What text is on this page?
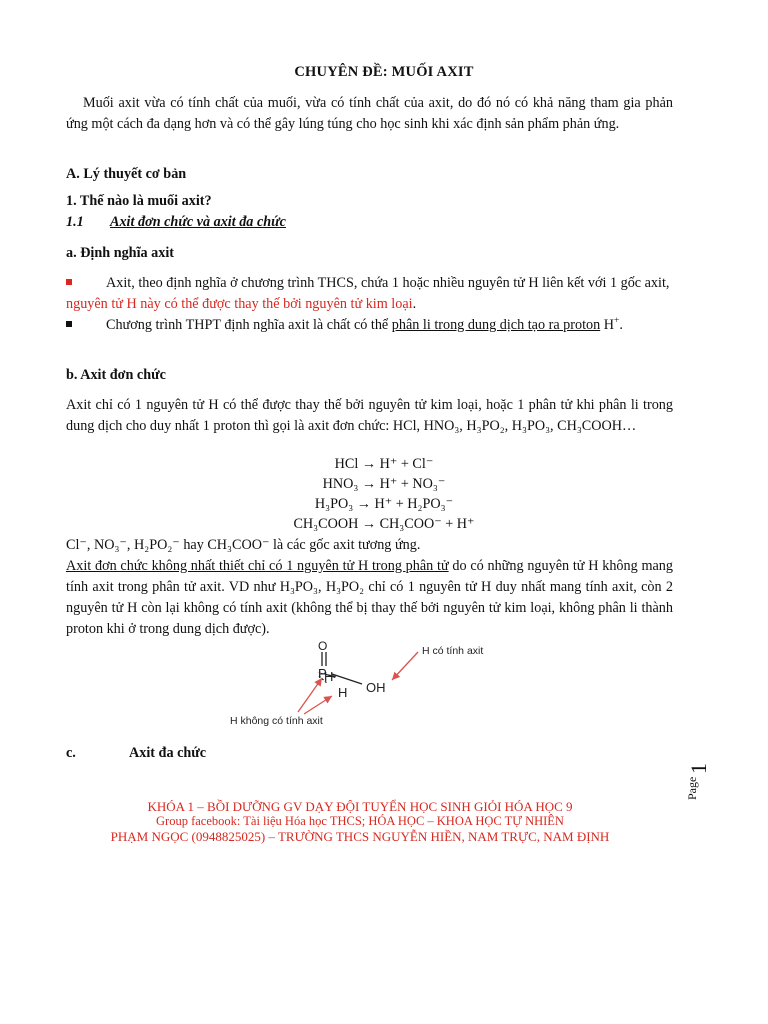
CHUYÊN ĐỀ: MUỐI AXIT
Muối axit vừa có tính chất của muối, vừa có tính chất của axit, do đó nó có khả năng tham gia phản ứng một cách đa dạng hơn và có thể gây lúng túng cho học sinh khi xác định sản phẩm phản ứng.
A. Lý thuyết cơ bản
1. Thế nào là muối axit?
1.1 Axit đơn chức và axit đa chức
a. Định nghĩa axit
Axit, theo định nghĩa ở chương trình THCS, chứa 1 hoặc nhiều nguyên tử H liên kết với 1 gốc axit, nguyên tử H này có thể được thay thế bởi nguyên tử kim loại.
Chương trình THPT định nghĩa axit là chất có thể phân li trong dung dịch tạo ra proton H+.
b. Axit đơn chức
Axit chỉ có 1 nguyên tử H có thể được thay thế bởi nguyên tử kim loại, hoặc 1 phân tử khi phân li trong dung dịch cho duy nhất 1 proton thì gọi là axit đơn chức: HCl, HNO₃, H₃PO₂, H₃PO₃, CH₃COOH…
HCl → H⁺ + Cl⁻
HNO₃ → H⁺ + NO₃⁻
H₃PO₃ → H⁺ + H₂PO₃⁻
CH₃COOH → CH₃COO⁻ + H⁺
Cl⁻, NO₃⁻, H₂PO₂⁻ hay CH₃COO⁻ là các gốc axit tương ứng.
Axit đơn chức không nhất thiết chỉ có 1 nguyên tử H trong phân tử do có những nguyên tử H không mang tính axit trong phân tử axit. VD như H₃PO₃, H₃PO₂ chỉ có 1 nguyên tử H duy nhất mang tính axit, còn 2 nguyên tử H còn lại không có tính axit (không thể bị thay thế bởi nguyên tử kim loại, không phân li thành proton khi ở trong dung dịch được).
O
P
OH
H
H
H có tính axit
H không có tính axit
c.	Axit đa chức
Page
1
KHÓA 1 – BỒI DƯỠNG GV DẠY ĐỘI TUYỂN HỌC SINH GIỎI HÓA HỌC 9
Group facebook: Tài liệu Hóa học THCS; HÓA HỌC – KHOA HỌC TỰ NHIÊN
PHẠM NGỌC (0948825025) – TRƯỜNG THCS NGUYỄN HIỀN, NAM TRỰC, NAM ĐỊNH
